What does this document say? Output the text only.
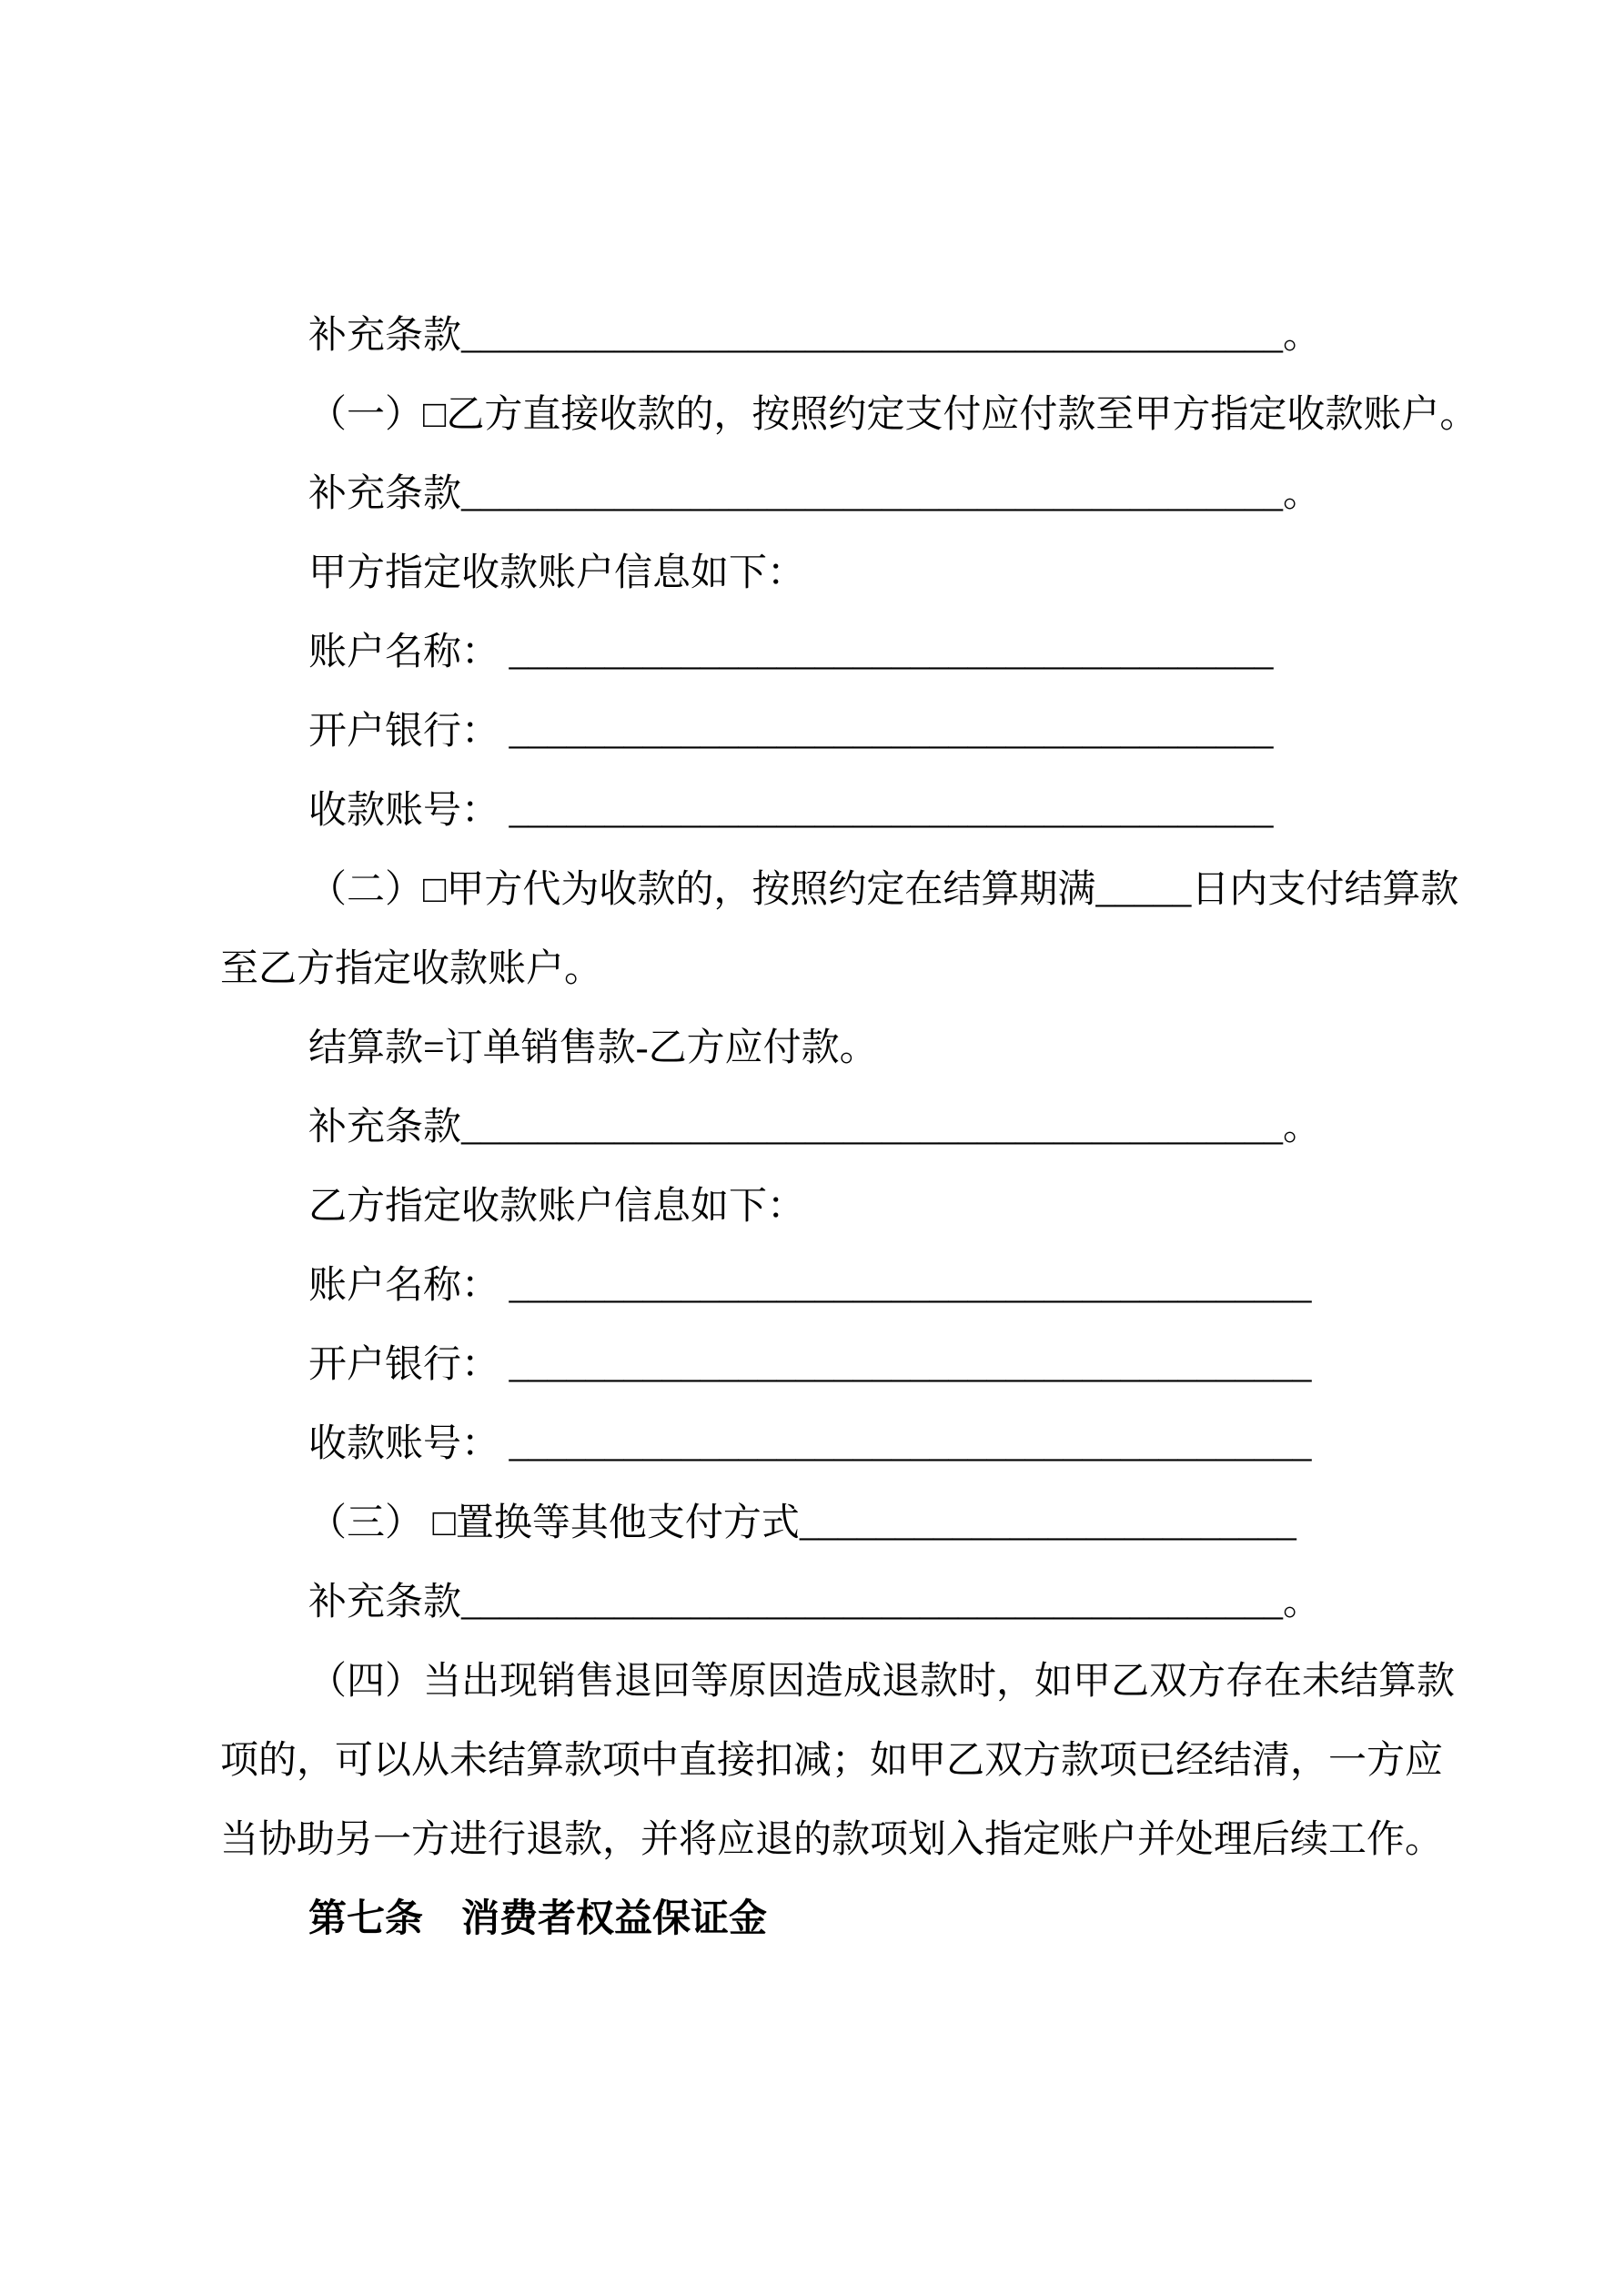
补充条款___________________________________________。
（一）□乙方直接收款的，按照约定支付应付款至甲方指定收款账户。
补充条款___________________________________________。
甲方指定收款账户信息如下：
账户名称： ________________________________________
开户银行： ________________________________________
收款账号： ________________________________________
（二）□甲方代为收款的，按照约定在结算期满_____日内支付结算款
至乙方指定收款账户。
结算款=订单销售款-乙方应付款。
补充条款___________________________________________。
乙方指定收款账户信息如下：
账户名称： __________________________________________
开户银行： __________________________________________
收款账号： __________________________________________
（三） □置换等其他支付方式__________________________
补充条款___________________________________________。
（四）当出现销售退回等原因造成退款时，如甲乙双方存在未结算款
项的，可以从未结算款项中直接扣减；如甲乙双方款项已经结清，一方应
当协助另一方进行退款，并将应退的款项划入指定账户并处理后续工作。
第七条　消费者权益保证金
